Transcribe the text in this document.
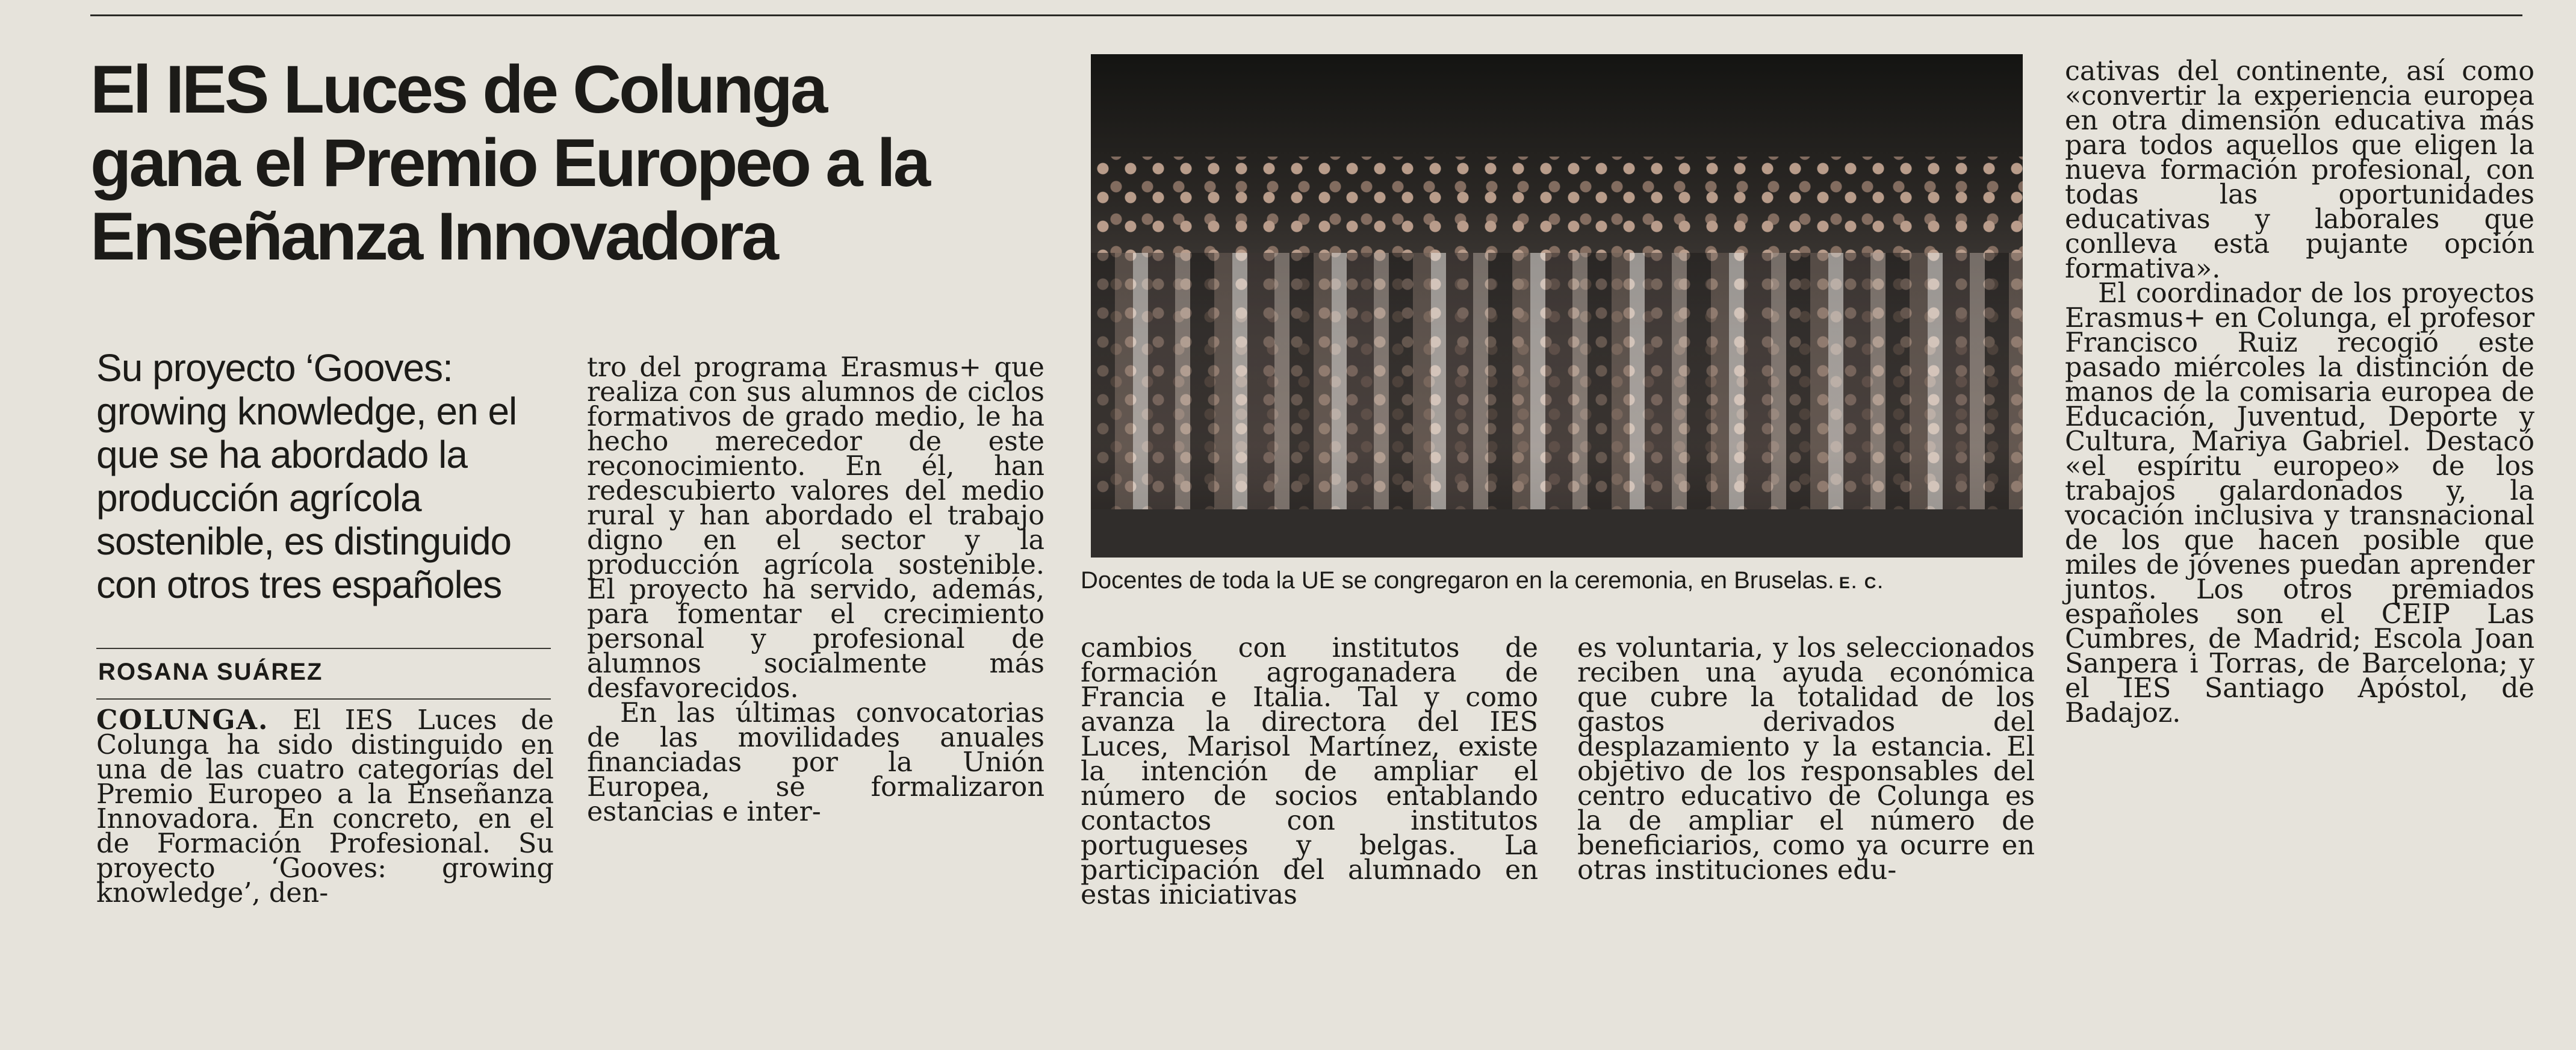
El IES Luces de Colunga gana el Premio Europeo a la Enseñanza Innovadora

Su proyecto ‘Gooves: growing knowledge, en el que se ha abordado la producción agrícola sostenible, es distinguido con otros tres españoles

ROSANA SUÁREZ

COLUNGA. El IES Luces de Colunga ha sido distinguido en una de las cuatro categorías del Premio Europeo a la Enseñanza Innovadora. En concreto, en el de Formación Profesional. Su proyecto ‘Gooves: growing knowledge’, den-

tro del programa Erasmus+ que realiza con sus alumnos de ciclos formativos de grado medio, le ha hecho merecedor de este reconocimiento. En él, han redescubierto valores del medio rural y han abordado el trabajo digno en el sector y la producción agrícola sostenible. El proyecto ha servido, además, para fomentar el crecimiento personal y profesional de alumnos socialmente más desfavorecidos.

En las últimas convocatorias de las movilidades anuales financiadas por la Unión Europea, se formalizaron estancias e inter-

Docentes de toda la UE se congregaron en la ceremonia, en Bruselas. E. C.

cambios con institutos de formación agroganadera de Francia e Italia. Tal y como avanza la directora del IES Luces, Marisol Martínez, existe la intención de ampliar el número de socios entablando contactos con institutos portugueses y belgas. La participación del alumnado en estas iniciativas

es voluntaria, y los seleccionados reciben una ayuda económica que cubre la totalidad de los gastos derivados del desplazamiento y la estancia. El objetivo de los responsables del centro educativo de Colunga es la de ampliar el número de beneficiarios, como ya ocurre en otras instituciones edu-

cativas del continente, así como «convertir la experiencia europea en otra dimensión educativa más para todos aquellos que eligen la nueva formación profesional, con todas las oportunidades educativas y laborales que conlleva esta pujante opción formativa».

El coordinador de los proyectos Erasmus+ en Colunga, el profesor Francisco Ruiz recogió este pasado miércoles la distinción de manos de la comisaria europea de Educación, Juventud, Deporte y Cultura, Mariya Gabriel. Destacó «el espíritu europeo» de los trabajos galardonados y, la vocación inclusiva y transnacional de los que hacen posible que miles de jóvenes puedan aprender juntos. Los otros premiados españoles son el CEIP Las Cumbres, de Madrid; Escola Joan Sanpera i Torras, de Barcelona; y el IES Santiago Apóstol, de Badajoz.
